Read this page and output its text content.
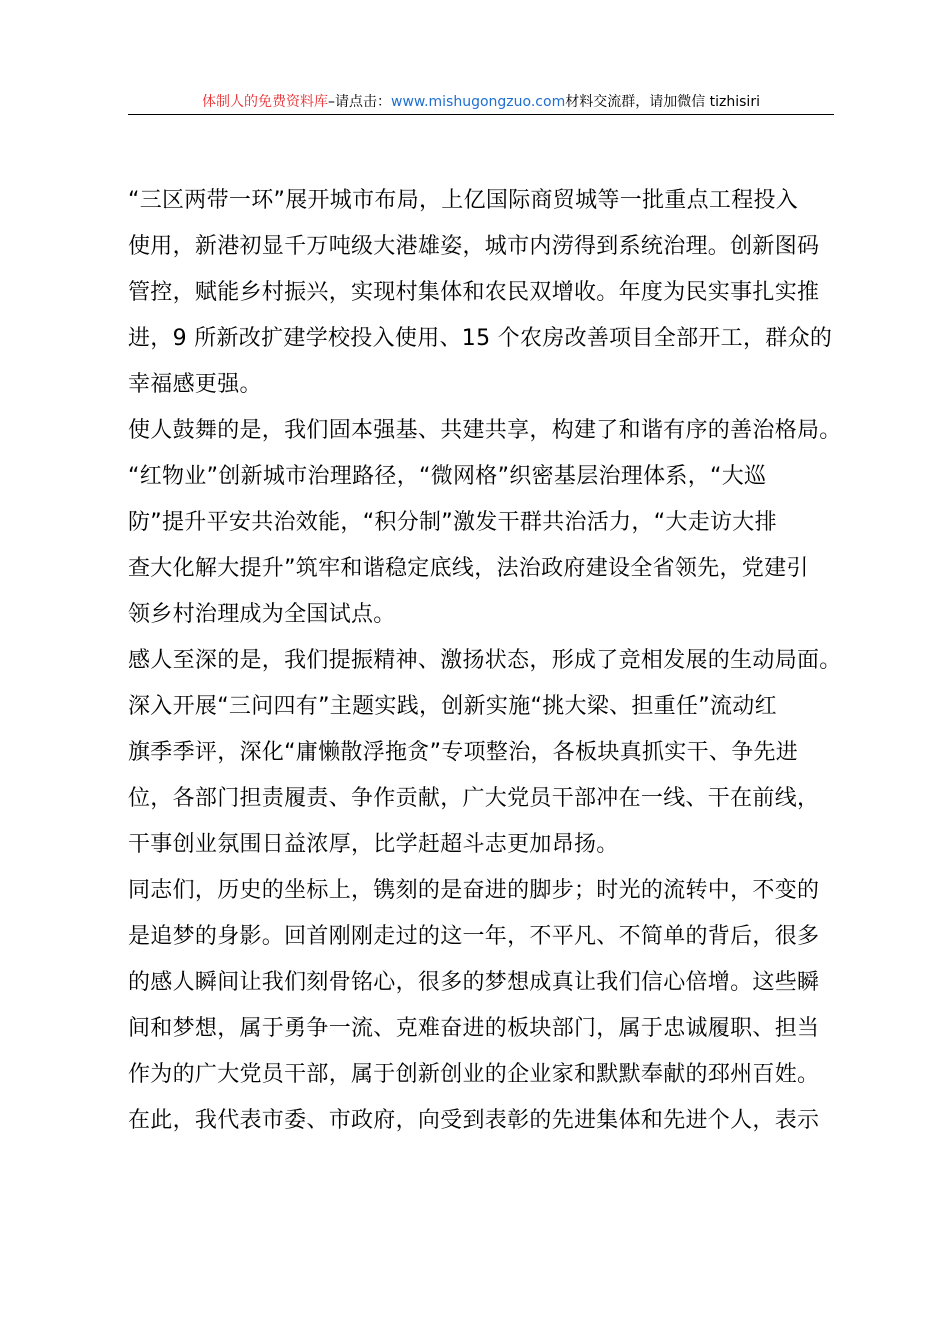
体制人的免费资料库–请点击：www.mishugongzuo.com材料交流群，请加微信 tizhisiri
“三区两带一环”展开城市布局，上亿国际商贸城等一批重点工程投入
使用，新港初显千万吨级大港雄姿，城市内涝得到系统治理。创新图码
管控，赋能乡村振兴，实现村集体和农民双增收。年度为民实事扎实推
进，9 所新改扩建学校投入使用、15 个农房改善项目全部开工，群众的
幸福感更强。
使人鼓舞的是，我们固本强基、共建共享，构建了和谐有序的善治格局。
“红物业”创新城市治理路径，“微网格”织密基层治理体系，“大巡
防”提升平安共治效能，“积分制”激发干群共治活力，“大走访大排
查大化解大提升”筑牢和谐稳定底线，法治政府建设全省领先，党建引
领乡村治理成为全国试点。
感人至深的是，我们提振精神、激扬状态，形成了竞相发展的生动局面。
深入开展“三问四有”主题实践，创新实施“挑大梁、担重任”流动红
旗季季评，深化“庸懒散浮拖贪”专项整治，各板块真抓实干、争先进
位，各部门担责履责、争作贡献，广大党员干部冲在一线、干在前线，
干事创业氛围日益浓厚，比学赶超斗志更加昂扬。
同志们，历史的坐标上，镌刻的是奋进的脚步；时光的流转中，不变的
是追梦的身影。回首刚刚走过的这一年，不平凡、不简单的背后，很多
的感人瞬间让我们刻骨铭心，很多的梦想成真让我们信心倍增。这些瞬
间和梦想，属于勇争一流、克难奋进的板块部门，属于忠诚履职、担当
作为的广大党员干部，属于创新创业的企业家和默默奉献的邳州百姓。
在此，我代表市委、市政府，向受到表彰的先进集体和先进个人，表示
